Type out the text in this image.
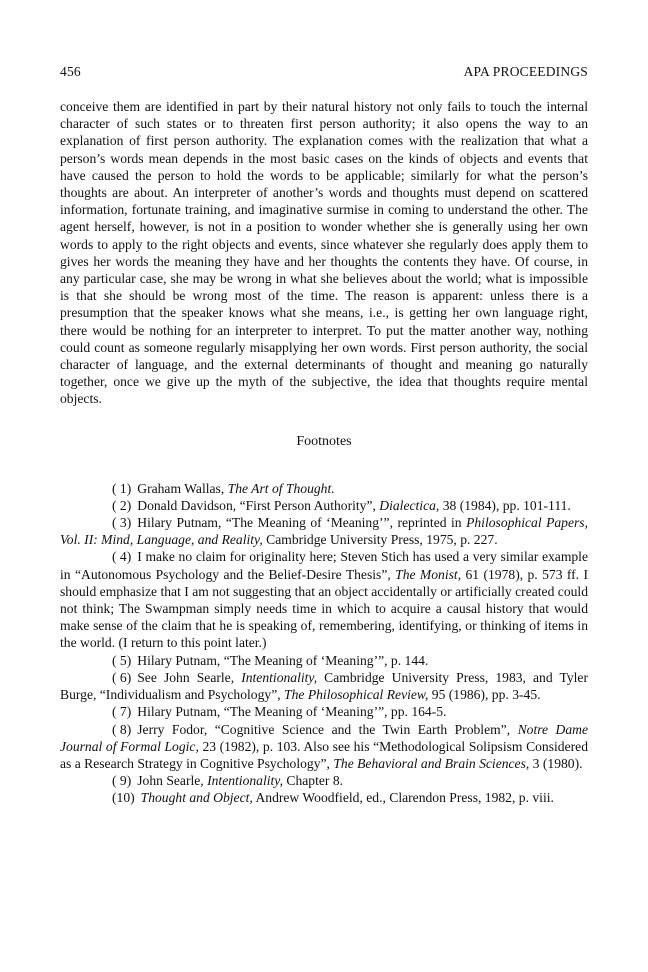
456	APA PROCEEDINGS

conceive them are identified in part by their natural history not only fails to touch the internal character of such states or to threaten first person authority; it also opens the way to an explanation of first person authority. The explanation comes with the realization that what a person’s words mean depends in the most basic cases on the kinds of objects and events that have caused the person to hold the words to be applicable; similarly for what the person’s thoughts are about. An interpreter of another’s words and thoughts must depend on scattered information, fortunate training, and imaginative surmise in coming to understand the other. The agent herself, however, is not in a position to wonder whether she is generally using her own words to apply to the right objects and events, since whatever she regularly does apply them to gives her words the meaning they have and her thoughts the contents they have. Of course, in any particular case, she may be wrong in what she believes about the world; what is impossible is that she should be wrong most of the time. The reason is apparent: unless there is a presumption that the speaker knows what she means, i.e., is getting her own language right, there would be nothing for an interpreter to interpret. To put the matter another way, nothing could count as someone regularly misapplying her own words. First person authority, the social character of language, and the external determinants of thought and meaning go naturally together, once we give up the myth of the subjective, the idea that thoughts require mental objects.

Footnotes

( 1) Graham Wallas, The Art of Thought.

( 2) Donald Davidson, “First Person Authority”, Dialectica, 38 (1984), pp. 101-111.

( 3) Hilary Putnam, “The Meaning of ‘Meaning’”, reprinted in Philosophical Papers, Vol. II: Mind, Language, and Reality, Cambridge University Press, 1975, p. 227.

( 4) I make no claim for originality here; Steven Stich has used a very similar example in “Autonomous Psychology and the Belief-Desire Thesis”, The Monist, 61 (1978), p. 573 ff. I should emphasize that I am not suggesting that an object accidentally or artificially created could not think; The Swampman simply needs time in which to acquire a causal history that would make sense of the claim that he is speaking of, remembering, identifying, or thinking of items in the world. (I return to this point later.)

( 5) Hilary Putnam, “The Meaning of ‘Meaning’”, p. 144.

( 6) See John Searle, Intentionality, Cambridge University Press, 1983, and Tyler Burge, “Individualism and Psychology”, The Philosophical Review, 95 (1986), pp. 3-45.

( 7) Hilary Putnam, “The Meaning of ‘Meaning’”, pp. 164-5.

( 8) Jerry Fodor, “Cognitive Science and the Twin Earth Problem”, Notre Dame Journal of Formal Logic, 23 (1982), p. 103. Also see his “Methodological Solipsism Considered as a Research Strategy in Cognitive Psychology”, The Behavioral and Brain Sciences, 3 (1980).

( 9) John Searle, Intentionality, Chapter 8.

(10) Thought and Object, Andrew Woodfield, ed., Clarendon Press, 1982, p. viii.
